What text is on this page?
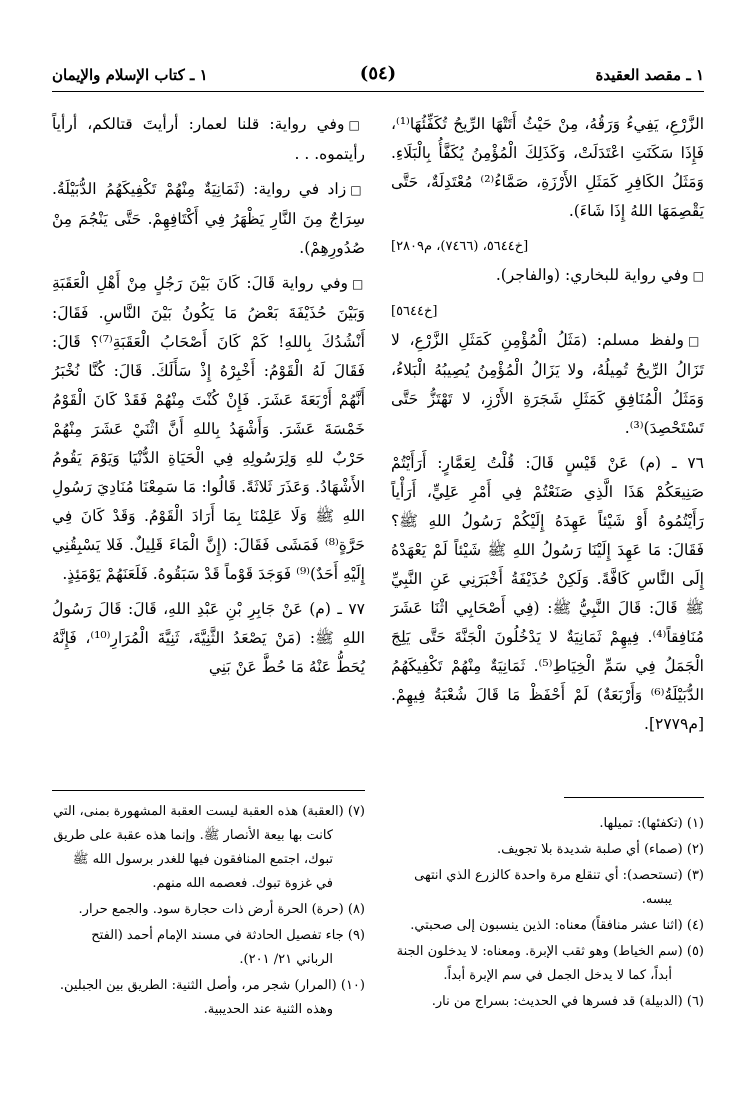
١ ـ مقصد العقيدة
(٥٤)
١ ـ كتاب الإسلام والإيمان

الزَّرْعِ، يَفِيءُ وَرَقُهُ، مِنْ حَيْثُ أَتَتْهَا الرِّيحُ تُكَفِّئُهَا⁽¹⁾، فَإِذَا سَكَنَتِ اعْتَدَلَتْ، وَكَذَلِكَ الْمُؤْمِنُ يُكَفَّأُ بِالْبَلَاءِ. وَمَثَلُ الكَافِرِ كَمَثَلِ الأَرْزَةِ، صَمَّاءُ⁽²⁾ مُعْتَدِلَةٌ، حَتَّى يَقْصِمَهَا اللهُ إِذَا شَاءَ).

[خ٥٦٤٤، (٧٤٦٦)، م٢٨٠٩]

□وفي رواية للبخاري: (والفاجر).

[خ٥٦٤٤]

□ولفظ مسلم: (مَثَلُ الْمُؤْمِنِ كَمَثَلِ الزَّرْعِ، لا تَزَالُ الرِّيحُ تُمِيلُهُ، ولا يَزَالُ الْمُؤْمِنُ يُصِيبُهُ الْبَلاءُ، وَمَثَلُ الْمُنَافِقِ كَمَثَلِ شَجَرَةِ الأَرْزِ، لا تَهْتَزُّ حَتَّى تَسْتَحْصِدَ)⁽³⁾.

٧٦ ـ (م) عَنْ قَيْسٍ قَالَ: قُلْتُ لِعَمَّارٍ: أَرَأَيْتُمْ صَنِيعَكُمْ هَذَا الَّذِي صَنَعْتُمْ فِي أَمْرِ عَلِيٍّ، أَرَأْياً رَأَيْتُمُوهُ أَوْ شَيْئاً عَهِدَهُ إِلَيْكُمْ رَسُولُ اللهِ ﷺ؟ فَقَالَ: مَا عَهِدَ إِلَيْنَا رَسُولُ اللهِ ﷺ شَيْئاً لَمْ يَعْهَدْهُ إِلَى النَّاسِ كَافَّةً. وَلَكِنْ حُذَيْفَةُ أَخْبَرَنِي عَنِ النَّبِيِّ ﷺ قَالَ: قَالَ النَّبِيُّ ﷺ: (فِي أَصْحَابِي اثْنَا عَشَرَ مُنَافِقاً⁽⁴⁾. فِيهِمْ ثَمَانِيَةٌ لا يَدْخُلُونَ الْجَنَّةَ حَتَّى يَلِجَ الْجَمَلُ فِي سَمِّ الْخِيَاطِ⁽⁵⁾. ثَمَانِيَةٌ مِنْهُمْ تَكْفِيكَهُمُ الدُّبَيْلَةُ⁽⁶⁾ وَأَرْبَعَةٌ) لَمْ أَحْفَظْ مَا قَالَ شُعْبَةُ فِيهِمْ. [م٢٧٧٩].

□وفي رواية: قلنا لعمار: أرأيتَ قتالكم، أرأياً رأيتموه. . .

□زاد في رواية: (ثَمَانِيَةٌ مِنْهُمْ تَكْفِيكَهُمُ الدُّبَيْلَةُ. سِرَاجٌ مِنَ النَّارِ يَظْهَرُ فِي أَكْتَافِهِمْ. حَتَّى يَنْجُمَ مِنْ صُدُورِهِمْ).

□وفي رواية قَالَ: كَانَ بَيْنَ رَجُلٍ مِنْ أَهْلِ الْعَقَبَةِ وَبَيْنَ حُذَيْفَةَ بَعْضُ مَا يَكُونُ بَيْنَ النَّاسِ. فَقَالَ: أَنْشُدُكَ بِاللهِ! كَمْ كَانَ أَصْحَابُ الْعَقَبَةِ⁽⁷⁾؟ قَالَ: فَقَالَ لَهُ الْقَوْمُ: أَخْبِرْهُ إِذْ سَأَلَكَ. قَالَ: كُنَّا نُخْبَرُ أَنَّهُمْ أَرْبَعَةَ عَشَرَ. فَإِنْ كُنْتَ مِنْهُمْ فَقَدْ كَانَ الْقَوْمُ خَمْسَةَ عَشَرَ. وَأَشْهَدُ بِاللهِ أَنَّ اثْنَيْ عَشَرَ مِنْهُمْ حَرْبٌ للهِ وَلِرَسُولِهِ فِي الْحَيَاةِ الدُّنْيَا وَيَوْمَ يَقُومُ الأَشْهَادُ. وَعَذَرَ ثَلاثَةً. قَالُوا: مَا سَمِعْنَا مُنَادِيَ رَسُولِ اللهِ ﷺ وَلَا عَلِمْنَا بِمَا أَرَادَ الْقَوْمُ. وَقَدْ كَانَ فِي حَرَّةٍ⁽⁸⁾ فَمَشَى فَقَالَ: (إِنَّ الْمَاءَ قَلِيلٌ. فَلا يَسْبِقُنِي إِلَيْهِ أَحَدٌ)⁽⁹⁾ فَوَجَدَ قَوْماً قَدْ سَبَقُوهُ. فَلَعَنَهُمْ يَوْمَئِذٍ.

٧٧ ـ (م) عَنْ جَابِرِ بْنِ عَبْدِ اللهِ، قَالَ: قَالَ رَسُولُ اللهِ ﷺ: (مَنْ يَصْعَدُ الثَّنِيَّةَ، ثَنِيَّةَ الْمُرَارِ⁽¹⁰⁾، فَإِنَّهُ يُحَطُّ عَنْهُ مَا حُطَّ عَنْ بَنِي

(١) (تكفئها): تميلها.
(٢) (صماء) أي صلبة شديدة بلا تجويف.
(٣) (تستحصد): أي تنقلع مرة واحدة كالزرع الذي انتهى يبسه.
(٤) (اثنا عشر منافقاً) معناه: الذين ينسبون إلى صحبتي.
(٥) (سم الخياط) وهو ثقب الإبرة. ومعناه: لا يدخلون الجنة أبداً، كما لا يدخل الجمل في سم الإبرة أبداً.
(٦) (الدبيلة) قد فسرها في الحديث: بسراج من نار.
(٧) (العقبة) هذه العقبة ليست العقبة المشهورة بمنى، التي كانت بها بيعة الأنصار ﷺ. وإنما هذه عقبة على طريق تبوك، اجتمع المنافقون فيها للغدر برسول الله ﷺ في غزوة تبوك. فعصمه الله منهم.
(٨) (حرة) الحرة أرض ذات حجارة سود. والجمع حرار.
(٩) جاء تفصيل الحادثة في مسند الإمام أحمد (الفتح الرباني ٢١/ ٢٠١).
(١٠) (المرار) شجر مر، وأصل الثنية: الطريق بين الجبلين. وهذه الثنية عند الحديبية.
